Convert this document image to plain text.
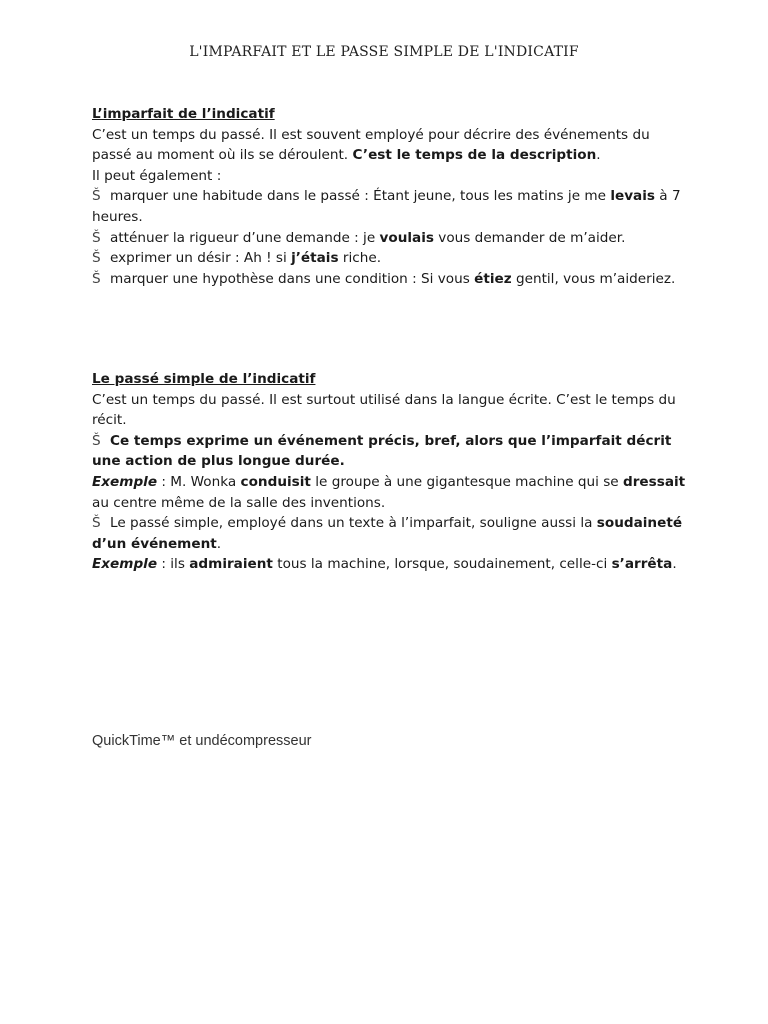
L'IMPARFAIT ET LE PASSE SIMPLE DE L'INDICATIF

L’imparfait de l’indicatif

C’est un temps du passé. Il est souvent employé pour décrire des événements du passé au moment où ils se déroulent. C’est le temps de la description.

Il peut également :

Š marquer une habitude dans le passé : Étant jeune, tous les matins je me levais à 7 heures.

Š atténuer la rigueur d’une demande : je voulais vous demander de m’aider.

Š exprimer un désir : Ah ! si j’étais riche.

Š marquer une hypothèse dans une condition : Si vous étiez gentil, vous m’aideriez.

Le passé simple de l’indicatif

C’est un temps du passé. Il est surtout utilisé dans la langue écrite. C’est le temps du récit.

Š Ce temps exprime un événement précis, bref, alors que l’imparfait décrit une action de plus longue durée.

Exemple : M. Wonka conduisit le groupe à une gigantesque machine qui se dressait au centre même de la salle des inventions.

Š Le passé simple, employé dans un texte à l’imparfait, souligne aussi la soudaineté d’un événement.

Exemple : ils admiraient tous la machine, lorsque, soudainement, celle-ci s’arrêta.

QuickTime™ et undécompresseur
